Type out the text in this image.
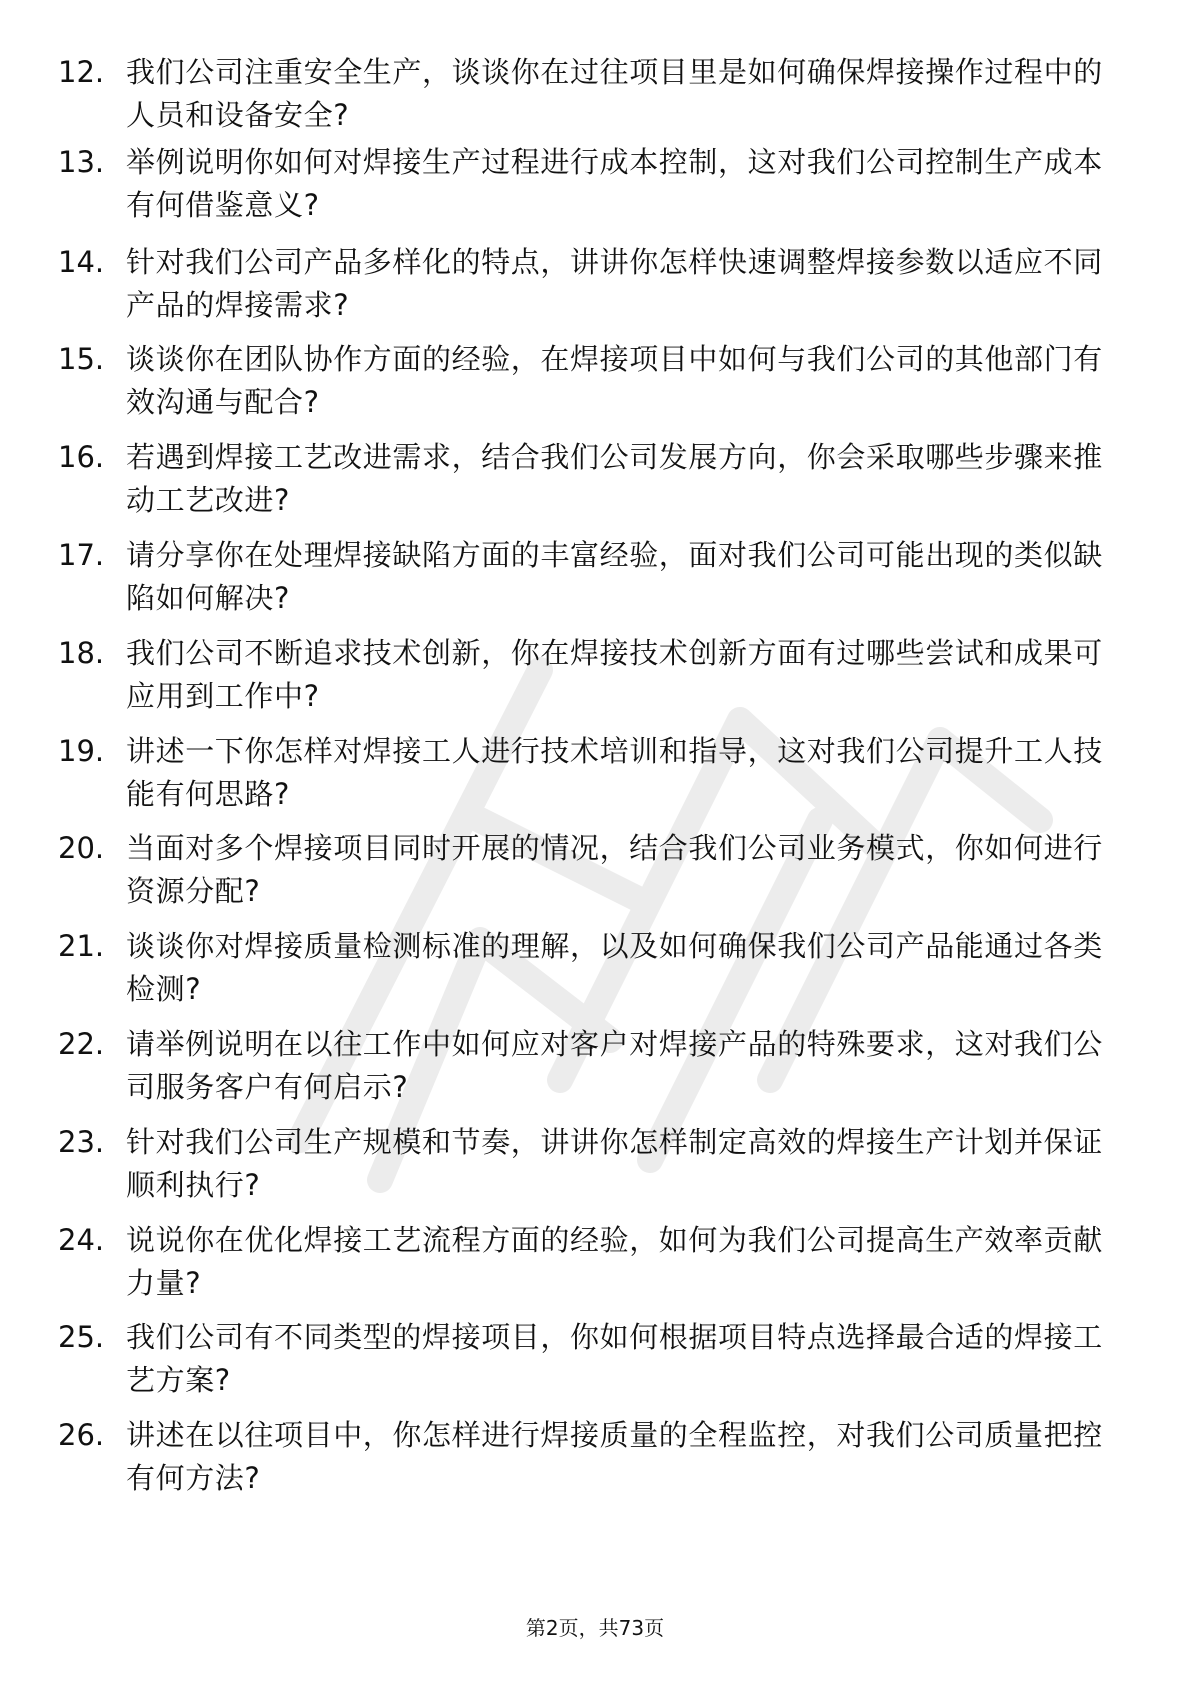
12. 我们公司注重安全生产，谈谈你在过往项目里是如何确保焊接操作过程中的人员和设备安全?
13. 举例说明你如何对焊接生产过程进行成本控制，这对我们公司控制生产成本有何借鉴意义?
14. 针对我们公司产品多样化的特点，讲讲你怎样快速调整焊接参数以适应不同产品的焊接需求?
15. 谈谈你在团队协作方面的经验，在焊接项目中如何与我们公司的其他部门有效沟通与配合?
16. 若遇到焊接工艺改进需求，结合我们公司发展方向，你会采取哪些步骤来推动工艺改进?
17. 请分享你在处理焊接缺陷方面的丰富经验，面对我们公司可能出现的类似缺陷如何解决?
18. 我们公司不断追求技术创新，你在焊接技术创新方面有过哪些尝试和成果可应用到工作中?
19. 讲述一下你怎样对焊接工人进行技术培训和指导，这对我们公司提升工人技能有何思路?
20. 当面对多个焊接项目同时开展的情况，结合我们公司业务模式，你如何进行资源分配?
21. 谈谈你对焊接质量检测标准的理解，以及如何确保我们公司产品能通过各类检测?
22. 请举例说明在以往工作中如何应对客户对焊接产品的特殊要求，这对我们公司服务客户有何启示?
23. 针对我们公司生产规模和节奏，讲讲你怎样制定高效的焊接生产计划并保证顺利执行?
24. 说说你在优化焊接工艺流程方面的经验，如何为我们公司提高生产效率贡献力量?
25. 我们公司有不同类型的焊接项目，你如何根据项目特点选择最合适的焊接工艺方案?
26. 讲述在以往项目中，你怎样进行焊接质量的全程监控，对我们公司质量把控有何方法?
第2页，共73页
